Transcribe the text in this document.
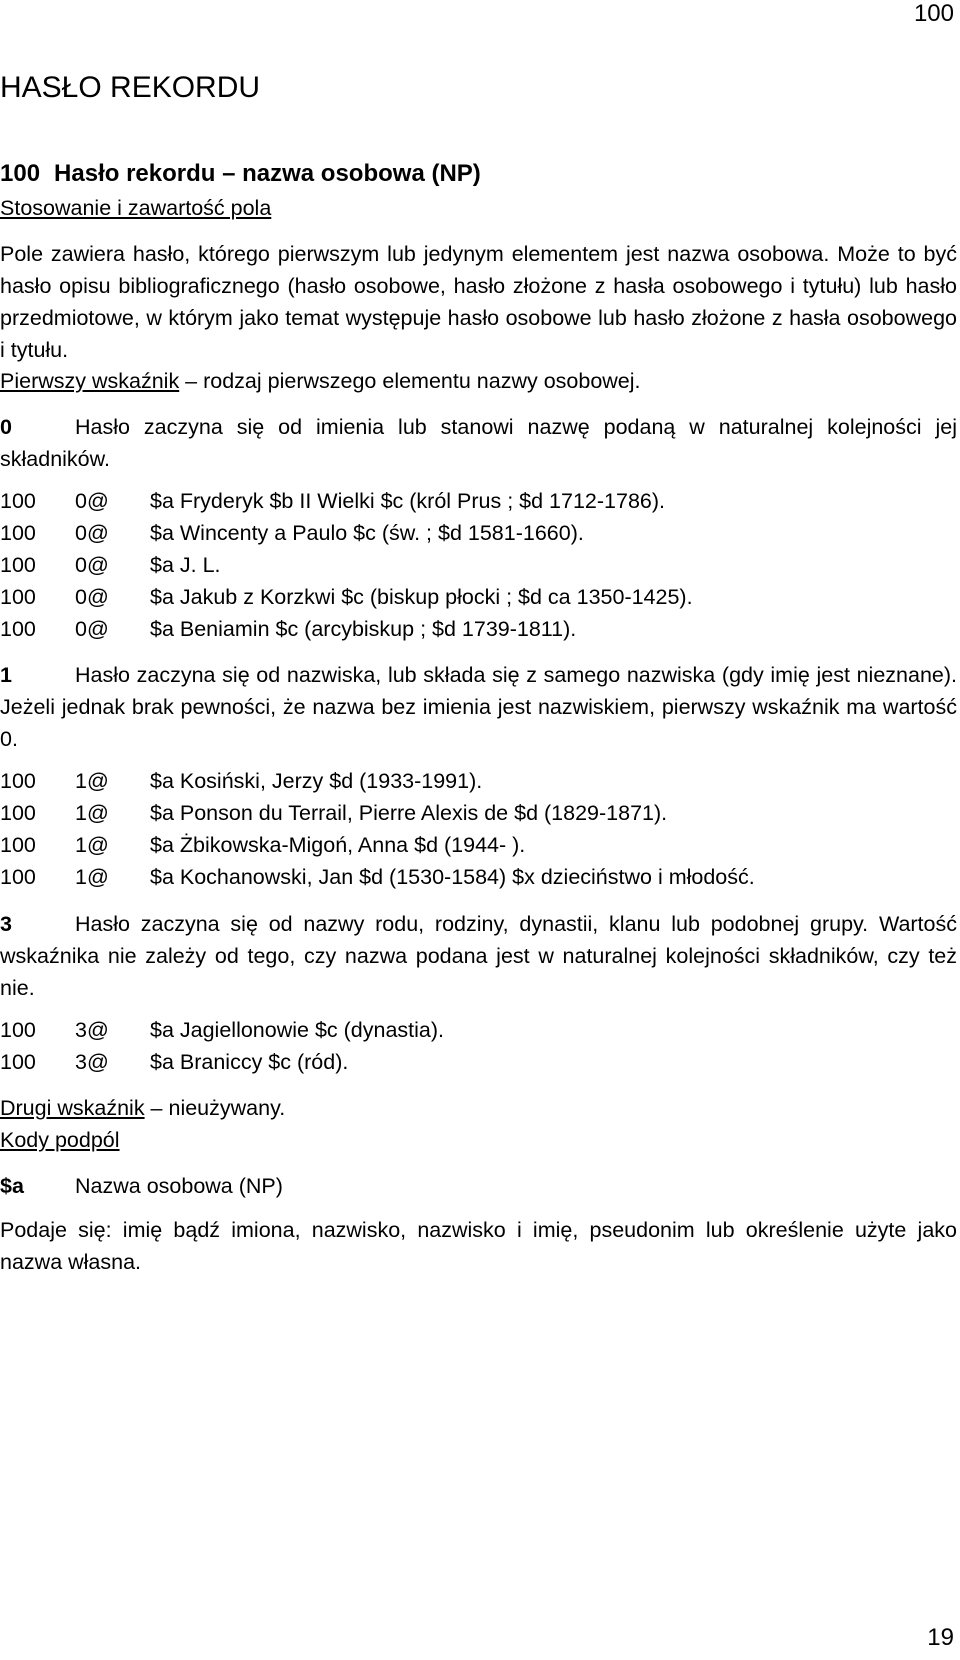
100
HASŁO REKORDU
100 Hasło rekordu – nazwa osobowa (NP)
Stosowanie i zawartość pola
Pole zawiera hasło, którego pierwszym lub jedynym elementem jest nazwa osobowa. Może to być hasło opisu bibliograficznego (hasło osobowe, hasło złożone z hasła osobowego i tytułu) lub hasło przedmiotowe, w którym jako temat występuje hasło osobowe lub hasło złożone z hasła osobowego i tytułu.
Pierwszy wskaźnik – rodzaj pierwszego elementu nazwy osobowej.
0	Hasło zaczyna się od imienia lub stanowi nazwę podaną w naturalnej kolejności jej składników.
100 0@ $a Fryderyk $b II Wielki $c (król Prus ; $d 1712-1786).
100 0@ $a Wincenty a Paulo $c (św. ; $d 1581-1660).
100 0@ $a J. L.
100 0@ $a Jakub z Korzkwi $c (biskup płocki ; $d ca 1350-1425).
100 0@ $a Beniamin $c (arcybiskup ; $d 1739-1811).
1	Hasło zaczyna się od nazwiska, lub składa się z samego nazwiska (gdy imię jest nieznane). Jeżeli jednak brak pewności, że nazwa bez imienia jest nazwiskiem, pierwszy wskaźnik ma wartość 0.
100 1@ $a Kosiński, Jerzy $d (1933-1991).
100 1@ $a Ponson du Terrail, Pierre Alexis de $d (1829-1871).
100 1@ $a Żbikowska-Migoń, Anna $d (1944- ).
100 1@ $a Kochanowski, Jan $d (1530-1584) $x dzieciństwo i młodość.
3	Hasło zaczyna się od nazwy rodu, rodziny, dynastii, klanu lub podobnej grupy. Wartość wskaźnika nie zależy od tego, czy nazwa podana jest w naturalnej kolejności składników, czy też nie.
100 3@ $a Jagiellonowie $c (dynastia).
100 3@ $a Braniccy $c (ród).
Drugi wskaźnik – nieużywany.
Kody podpól
$a Nazwa osobowa (NP)
Podaje się: imię bądź imiona, nazwisko, nazwisko i imię, pseudonim lub określenie użyte jako nazwa własna.
19
